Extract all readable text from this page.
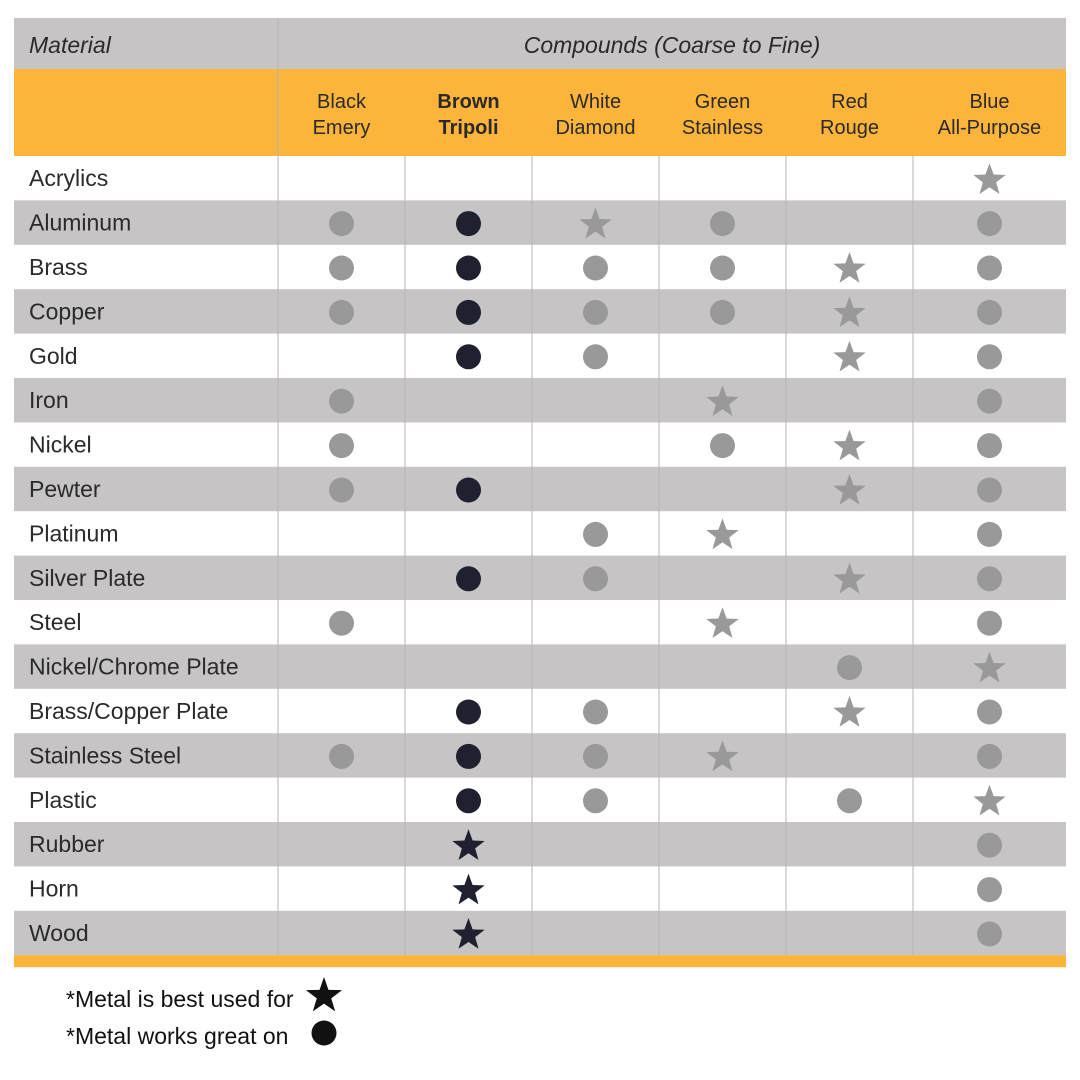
Material	Compounds (Coarse to Fine)
Black
Emery
Brown
Tripoli
White
Diamond
Green
Stainless
Red
Rouge
Blue
All-Purpose
Acrylics
Aluminum
Brass
Copper
Gold
Iron
Nickel
Pewter
Platinum
Silver Plate
Steel
Nickel/Chrome Plate
Brass/Copper Plate
Stainless Steel
Plastic
Rubber
Horn
Wood
*Metal is best used for
*Metal works great on
